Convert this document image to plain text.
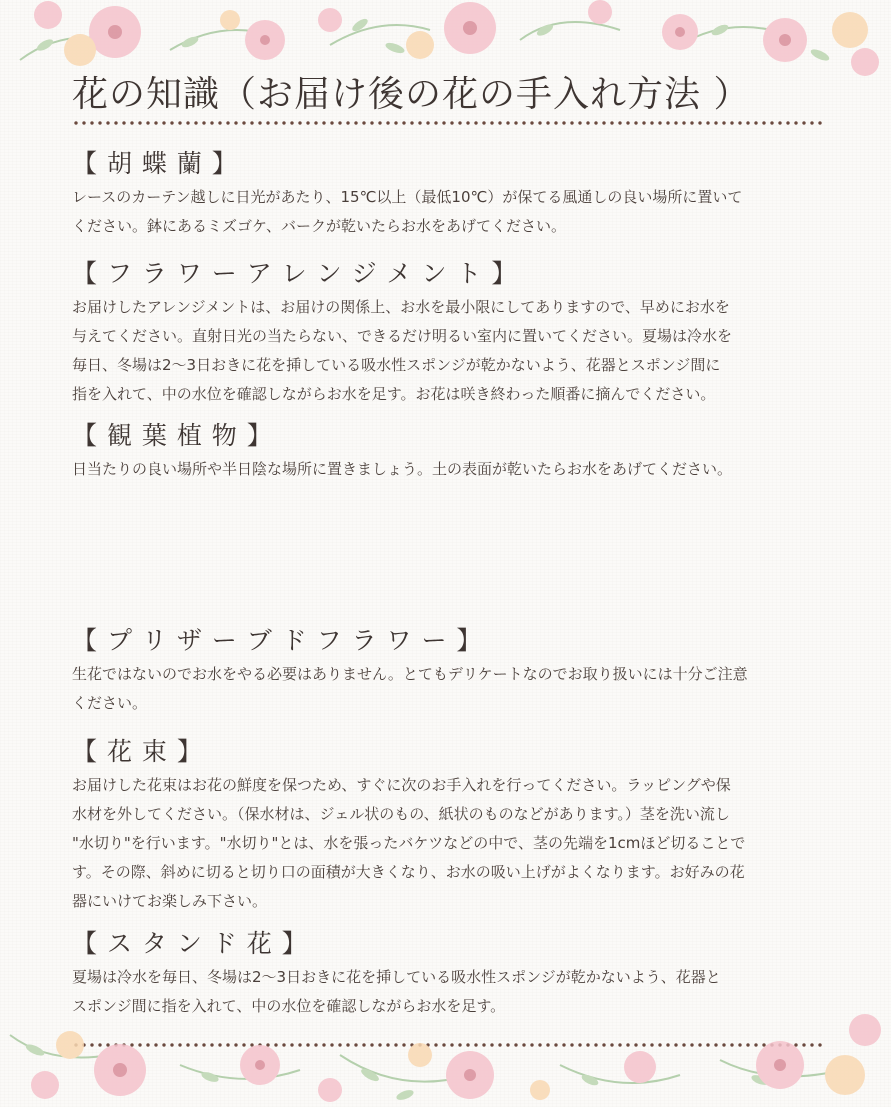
花の知識（お届け後の花の手入れ方法 ）
【 胡 蝶 蘭 】

レースのカーテン越しに日光があたり、15℃以上（最低10℃）が保てる風通しの良い場所に置いて
ください。鉢にあるミズゴケ、バークが乾いたらお水をあげてください。

【 フ ラ ワ ー ア レ ン ジ メ ン ト 】

お届けしたアレンジメントは、お届けの関係上、お水を最小限にしてありますので、早めにお水を
与えてください。直射日光の当たらない、できるだけ明るい室内に置いてください。夏場は冷水を
毎日、冬場は2～3日おきに花を挿している吸水性スポンジが乾かないよう、花器とスポンジ間に
指を入れて、中の水位を確認しながらお水を足す。お花は咲き終わった順番に摘んでください。

【 観 葉 植 物 】

日当たりの良い場所や半日陰な場所に置きましょう。土の表面が乾いたらお水をあげてください。

【 プ リ ザ ー ブ ド フ ラ ワ ー 】

生花ではないのでお水をやる必要はありません。とてもデリケートなのでお取り扱いには十分ご注意
ください。

【 花 束 】

お届けした花束はお花の鮮度を保つため、すぐに次のお手入れを行ってください。ラッピングや保
水材を外してください。（保水材は、ジェル状のもの、紙状のものなどがあります。）茎を洗い流し
"水切り"を行います。"水切り"とは、水を張ったバケツなどの中で、茎の先端を1cmほど切ることで
す。その際、斜めに切ると切り口の面積が大きくなり、お水の吸い上げがよくなります。お好みの花
器にいけてお楽しみ下さい。

【 ス タ ン ド 花 】

夏場は冷水を毎日、冬場は2～3日おきに花を挿している吸水性スポンジが乾かないよう、花器と
スポンジ間に指を入れて、中の水位を確認しながらお水を足す。
